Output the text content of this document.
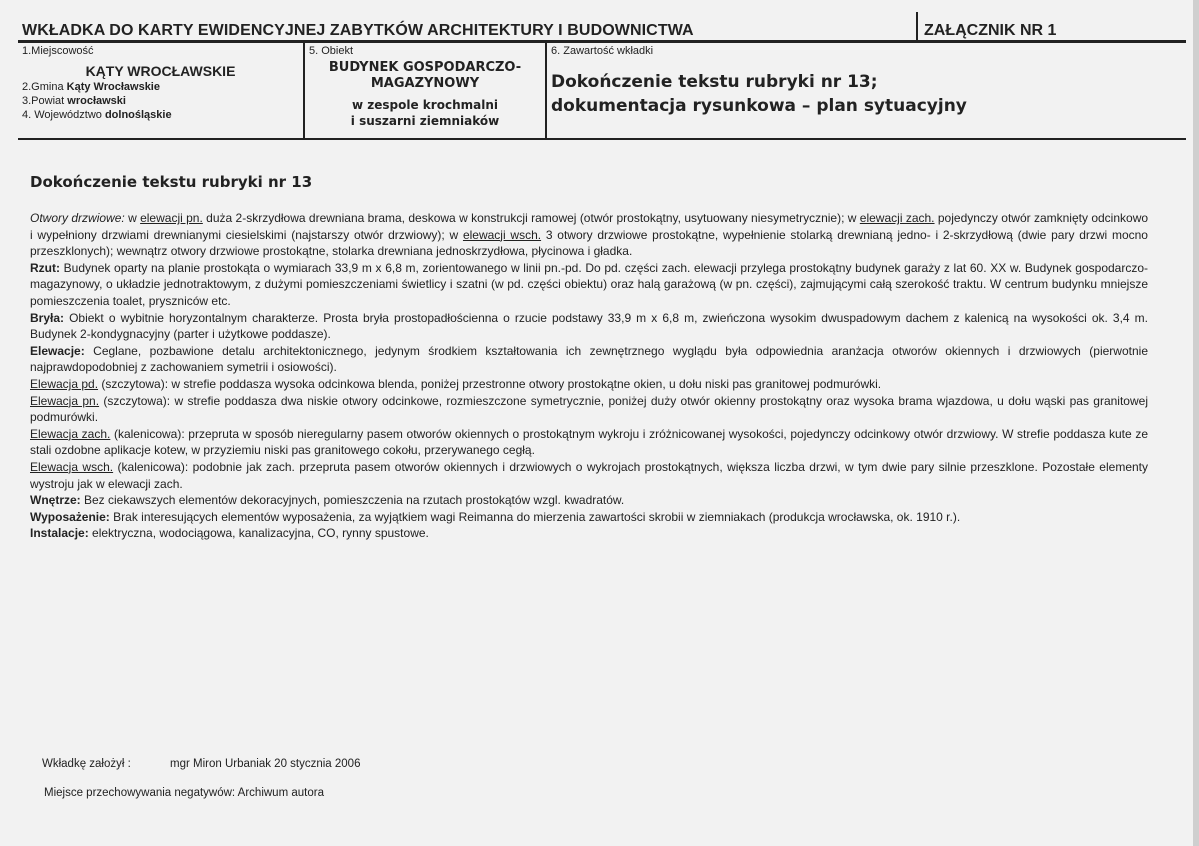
WKŁADKA DO KARTY EWIDENCYJNEJ ZABYTKÓW ARCHITEKTURY I BUDOWNICTWA	ZAŁĄCZNIK NR 1
1.Miejscowość
KĄTY WROCŁAWSKIE
2.Gmina Kąty Wrocławskie
3.Powiat wrocławski
4. Województwo dolnośląskie
5. Obiekt
BUDYNEK GOSPODARCZO-
MAGAZYNOWY
w zespole krochmalni
i suszarni ziemniaków
6. Zawartość wkładki
Dokończenie tekstu rubryki nr 13;
dokumentacja rysunkowa – plan sytuacyjny
Dokończenie tekstu rubryki nr 13

Otwory drzwiowe: w elewacji pn. duża 2-skrzydłowa drewniana brama, deskowa w konstrukcji ramowej (otwór prostokątny, usytuowany niesymetrycznie); w elewacji zach. pojedynczy otwór zamknięty odcinkowo i wypełniony drzwiami drewnianymi ciesielskimi (najstarszy otwór drzwiowy); w elewacji wsch. 3 otwory drzwiowe prostokątne, wypełnienie stolarką drewnianą jedno- i 2-skrzydłową (dwie pary drzwi mocno przeszklonych); wewnątrz otwory drzwiowe prostokątne, stolarka drewniana jednoskrzydłowa, płycinowa i gładka.

Rzut: Budynek oparty na planie prostokąta o wymiarach 33,9 m x 6,8 m, zorientowanego w linii pn.-pd. Do pd. części zach. elewacji przylega prostokątny budynek garaży z lat 60. XX w. Budynek gospodarczo-magazynowy, o układzie jednotraktowym, z dużymi pomieszczeniami świetlicy i szatni (w pd. części obiektu) oraz halą garażową (w pn. części), zajmującymi całą szerokość traktu. W centrum budynku mniejsze pomieszczenia toalet, pryszniców etc.

Bryła: Obiekt o wybitnie horyzontalnym charakterze. Prosta bryła prostopadłościenna o rzucie podstawy 33,9 m x 6,8 m, zwieńczona wysokim dwuspadowym dachem z kalenicą na wysokości ok. 3,4 m. Budynek 2-kondygnacyjny (parter i użytkowe poddasze).

Elewacje: Ceglane, pozbawione detalu architektonicznego, jedynym środkiem kształtowania ich zewnętrznego wyglądu była odpowiednia aranżacja otworów okiennych i drzwiowych (pierwotnie najprawdopodobniej z zachowaniem symetrii i osiowości).

Elewacja pd. (szczytowa): w strefie poddasza wysoka odcinkowa blenda, poniżej przestronne otwory prostokątne okien, u dołu niski pas granitowej podmurówki.

Elewacja pn. (szczytowa): w strefie poddasza dwa niskie otwory odcinkowe, rozmieszczone symetrycznie, poniżej duży otwór okienny prostokątny oraz wysoka brama wjazdowa, u dołu wąski pas granitowej podmurówki.

Elewacja zach. (kalenicowa): przepruta w sposób nieregularny pasem otworów okiennych o prostokątnym wykroju i zróżnicowanej wysokości, pojedynczy odcinkowy otwór drzwiowy. W strefie poddasza kute ze stali ozdobne aplikacje kotew, w przyziemiu niski pas granitowego cokołu, przerywanego cegłą.

Elewacja wsch. (kalenicowa): podobnie jak zach. przepruta pasem otworów okiennych i drzwiowych o wykrojach prostokątnych, większa liczba drzwi, w tym dwie pary silnie przeszklone. Pozostałe elementy wystroju jak w elewacji zach.

Wnętrze: Bez ciekawszych elementów dekoracyjnych, pomieszczenia na rzutach prostokątów wzgl. kwadratów.

Wyposażenie: Brak interesujących elementów wyposażenia, za wyjątkiem wagi Reimanna do mierzenia zawartości skrobii w ziemniakach (produkcja wrocławska, ok. 1910 r.).

Instalacje: elektryczna, wodociągowa, kanalizacyjna, CO, rynny spustowe.

Wkładkę założył :	mgr Miron Urbaniak 20 stycznia 2006
Miejsce przechowywania negatywów: Archiwum autora
